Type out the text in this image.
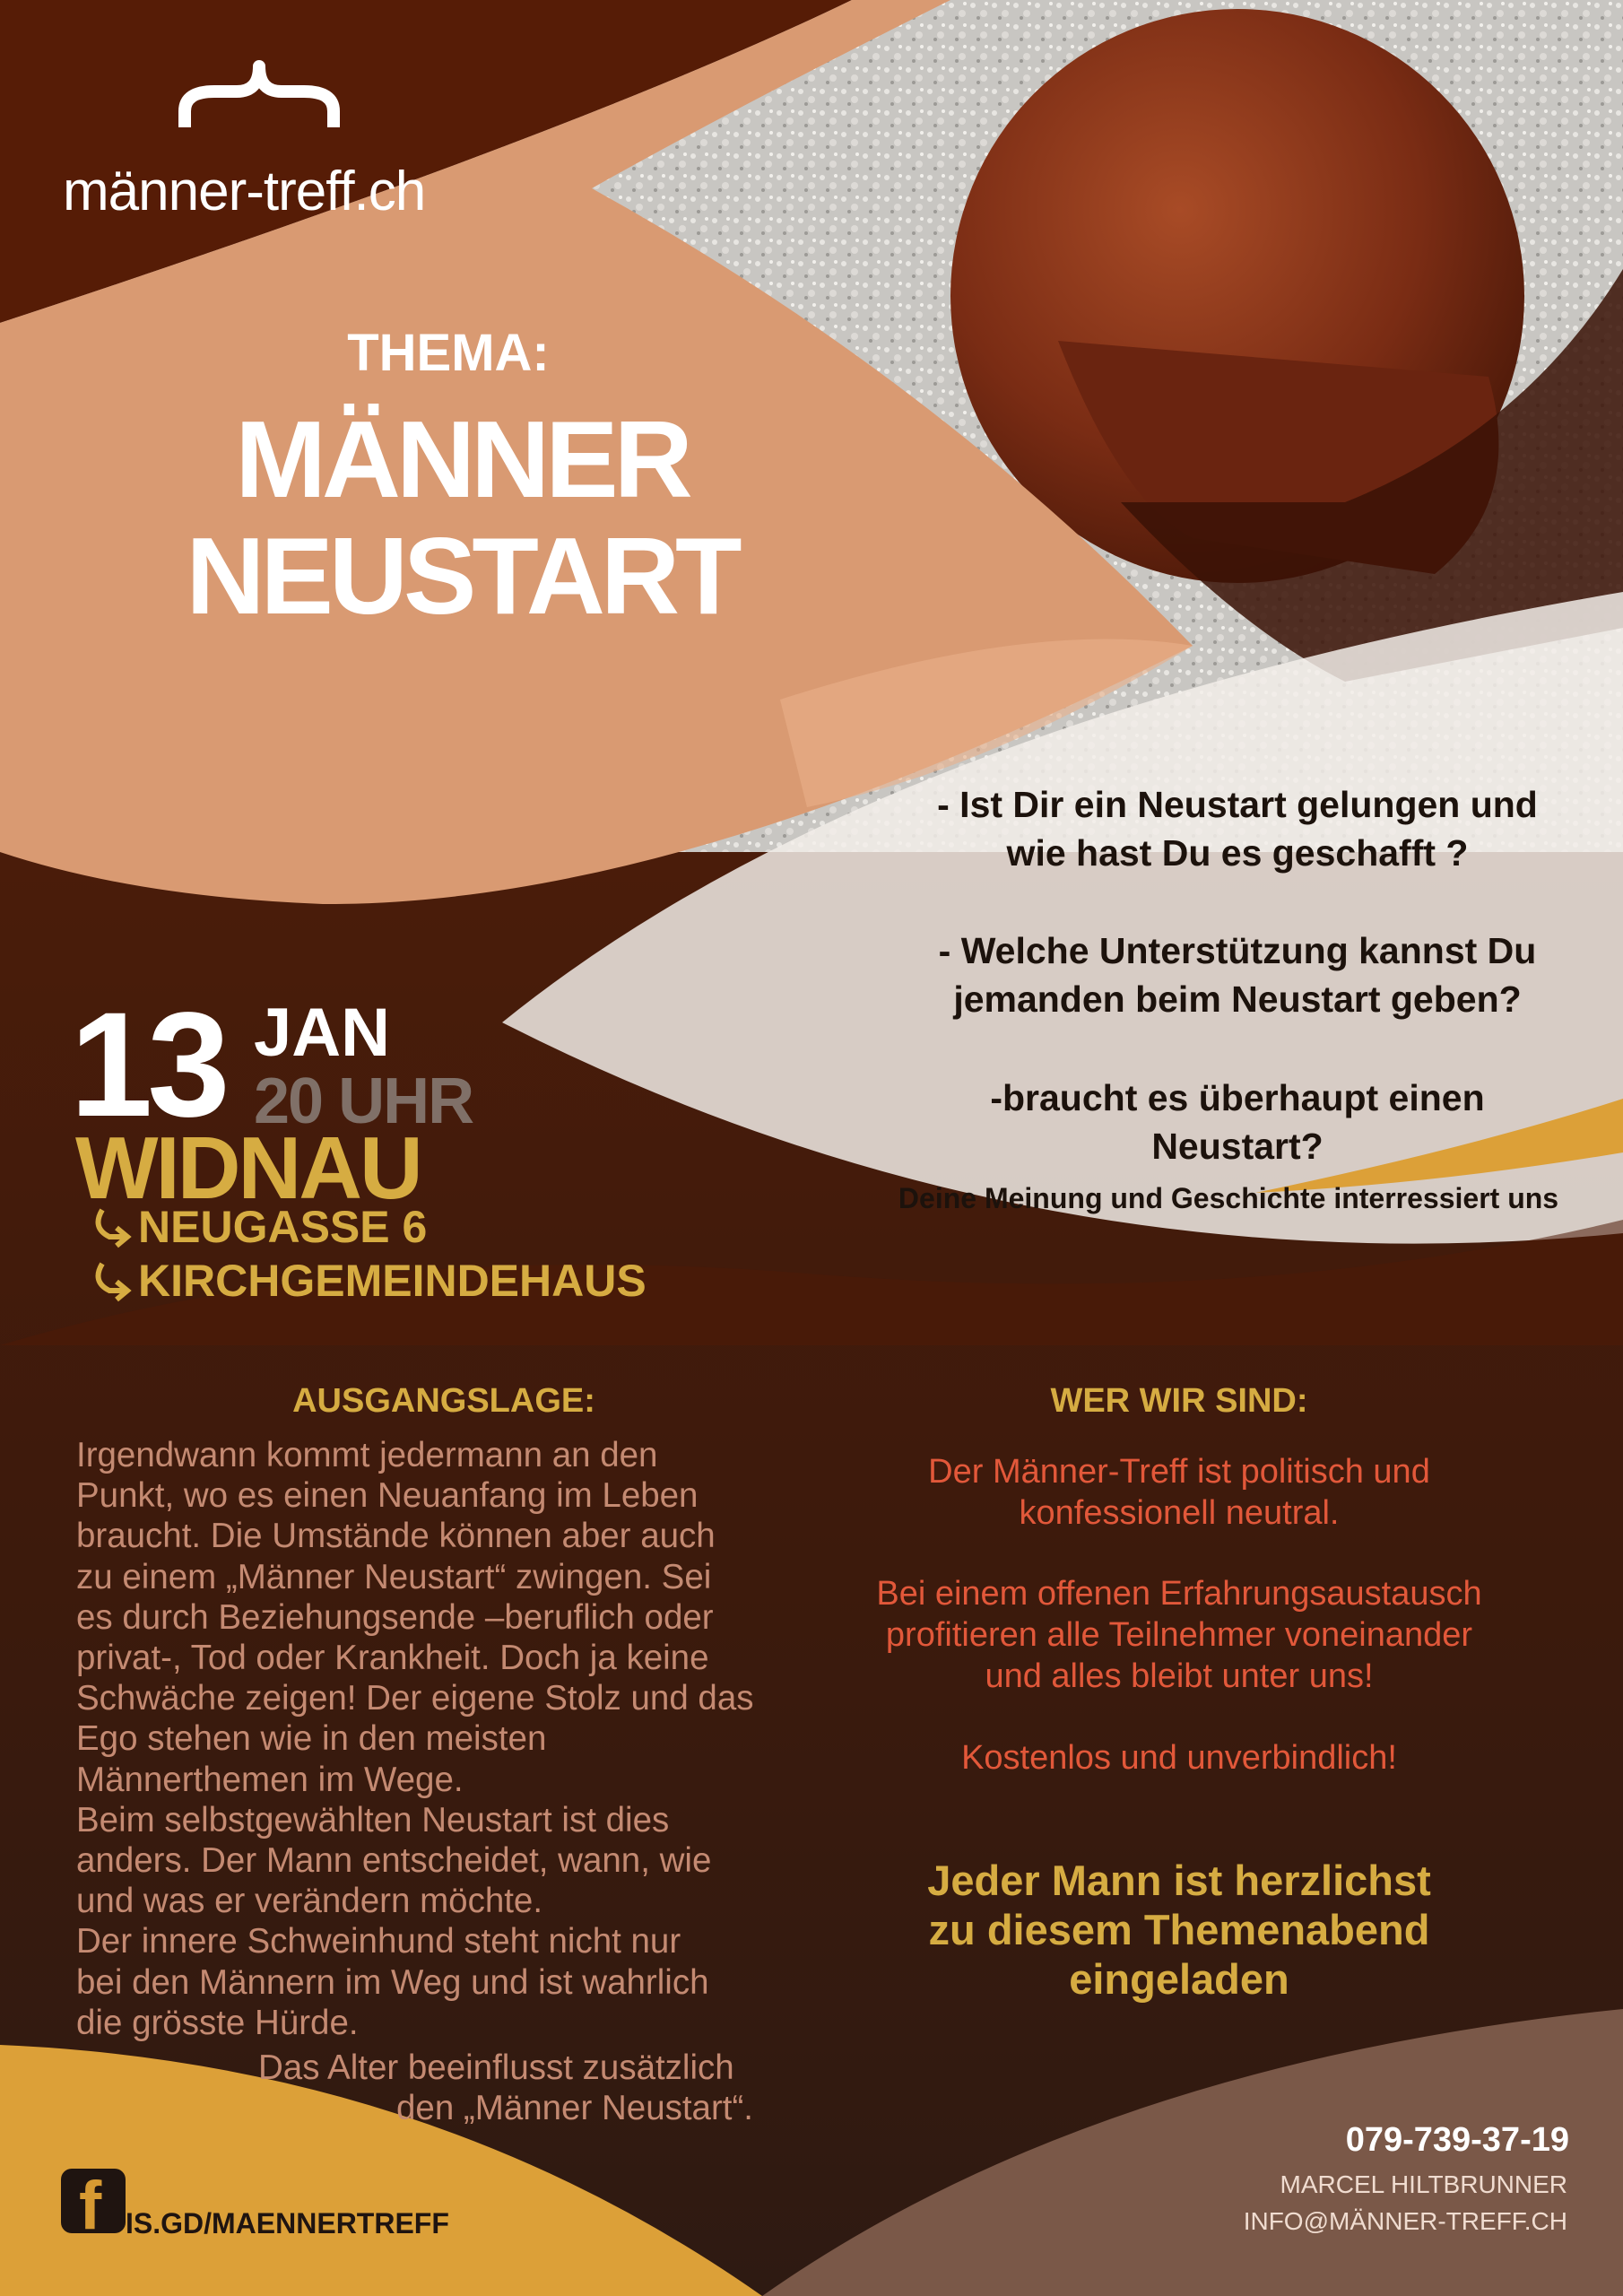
männer-treff.ch
THEMA:
MÄNNER
NEUSTART
- Ist Dir ein Neustart gelungen und
wie hast Du es geschafft ?
- Welche Unterstützung kannst Du
jemanden beim Neustart geben?
-braucht es überhaupt einen
Neustart?
Deine Meinung und Geschichte interressiert uns
13 JAN
20 UHR
WIDNAU
NEUGASSE 6
KIRCHGEMEINDEHAUS
AUSGANGSLAGE:
Irgendwann kommt jedermann an den
Punkt, wo es einen Neuanfang im Leben
braucht. Die Umstände können aber auch
zu einem „Männer Neustart“ zwingen. Sei
es durch Beziehungsende –beruflich oder
privat-, Tod oder Krankheit. Doch ja keine
Schwäche zeigen! Der eigene Stolz und das
Ego stehen wie in den meisten
Männerthemen im Wege.
Beim selbstgewählten Neustart ist dies
anders. Der Mann entscheidet, wann, wie
und was er verändern möchte.
Der innere Schweinhund steht nicht nur
bei den Männern im Weg und ist wahrlich
die grösste Hürde.
Das Alter beeinflusst zusätzlich
den „Männer Neustart“.
WER WIR SIND:
Der Männer-Treff ist politisch und
konfessionell neutral.
Bei einem offenen Erfahrungsaustausch
profitieren alle Teilnehmer voneinander
und alles bleibt unter uns!
Kostenlos und unverbindlich!
Jeder Mann ist herzlichst
zu diesem Themenabend
eingeladen
f IS.GD/MAENNERTREFF
079-739-37-19
MARCEL HILTBRUNNER
INFO@MÄNNER-TREFF.CH
